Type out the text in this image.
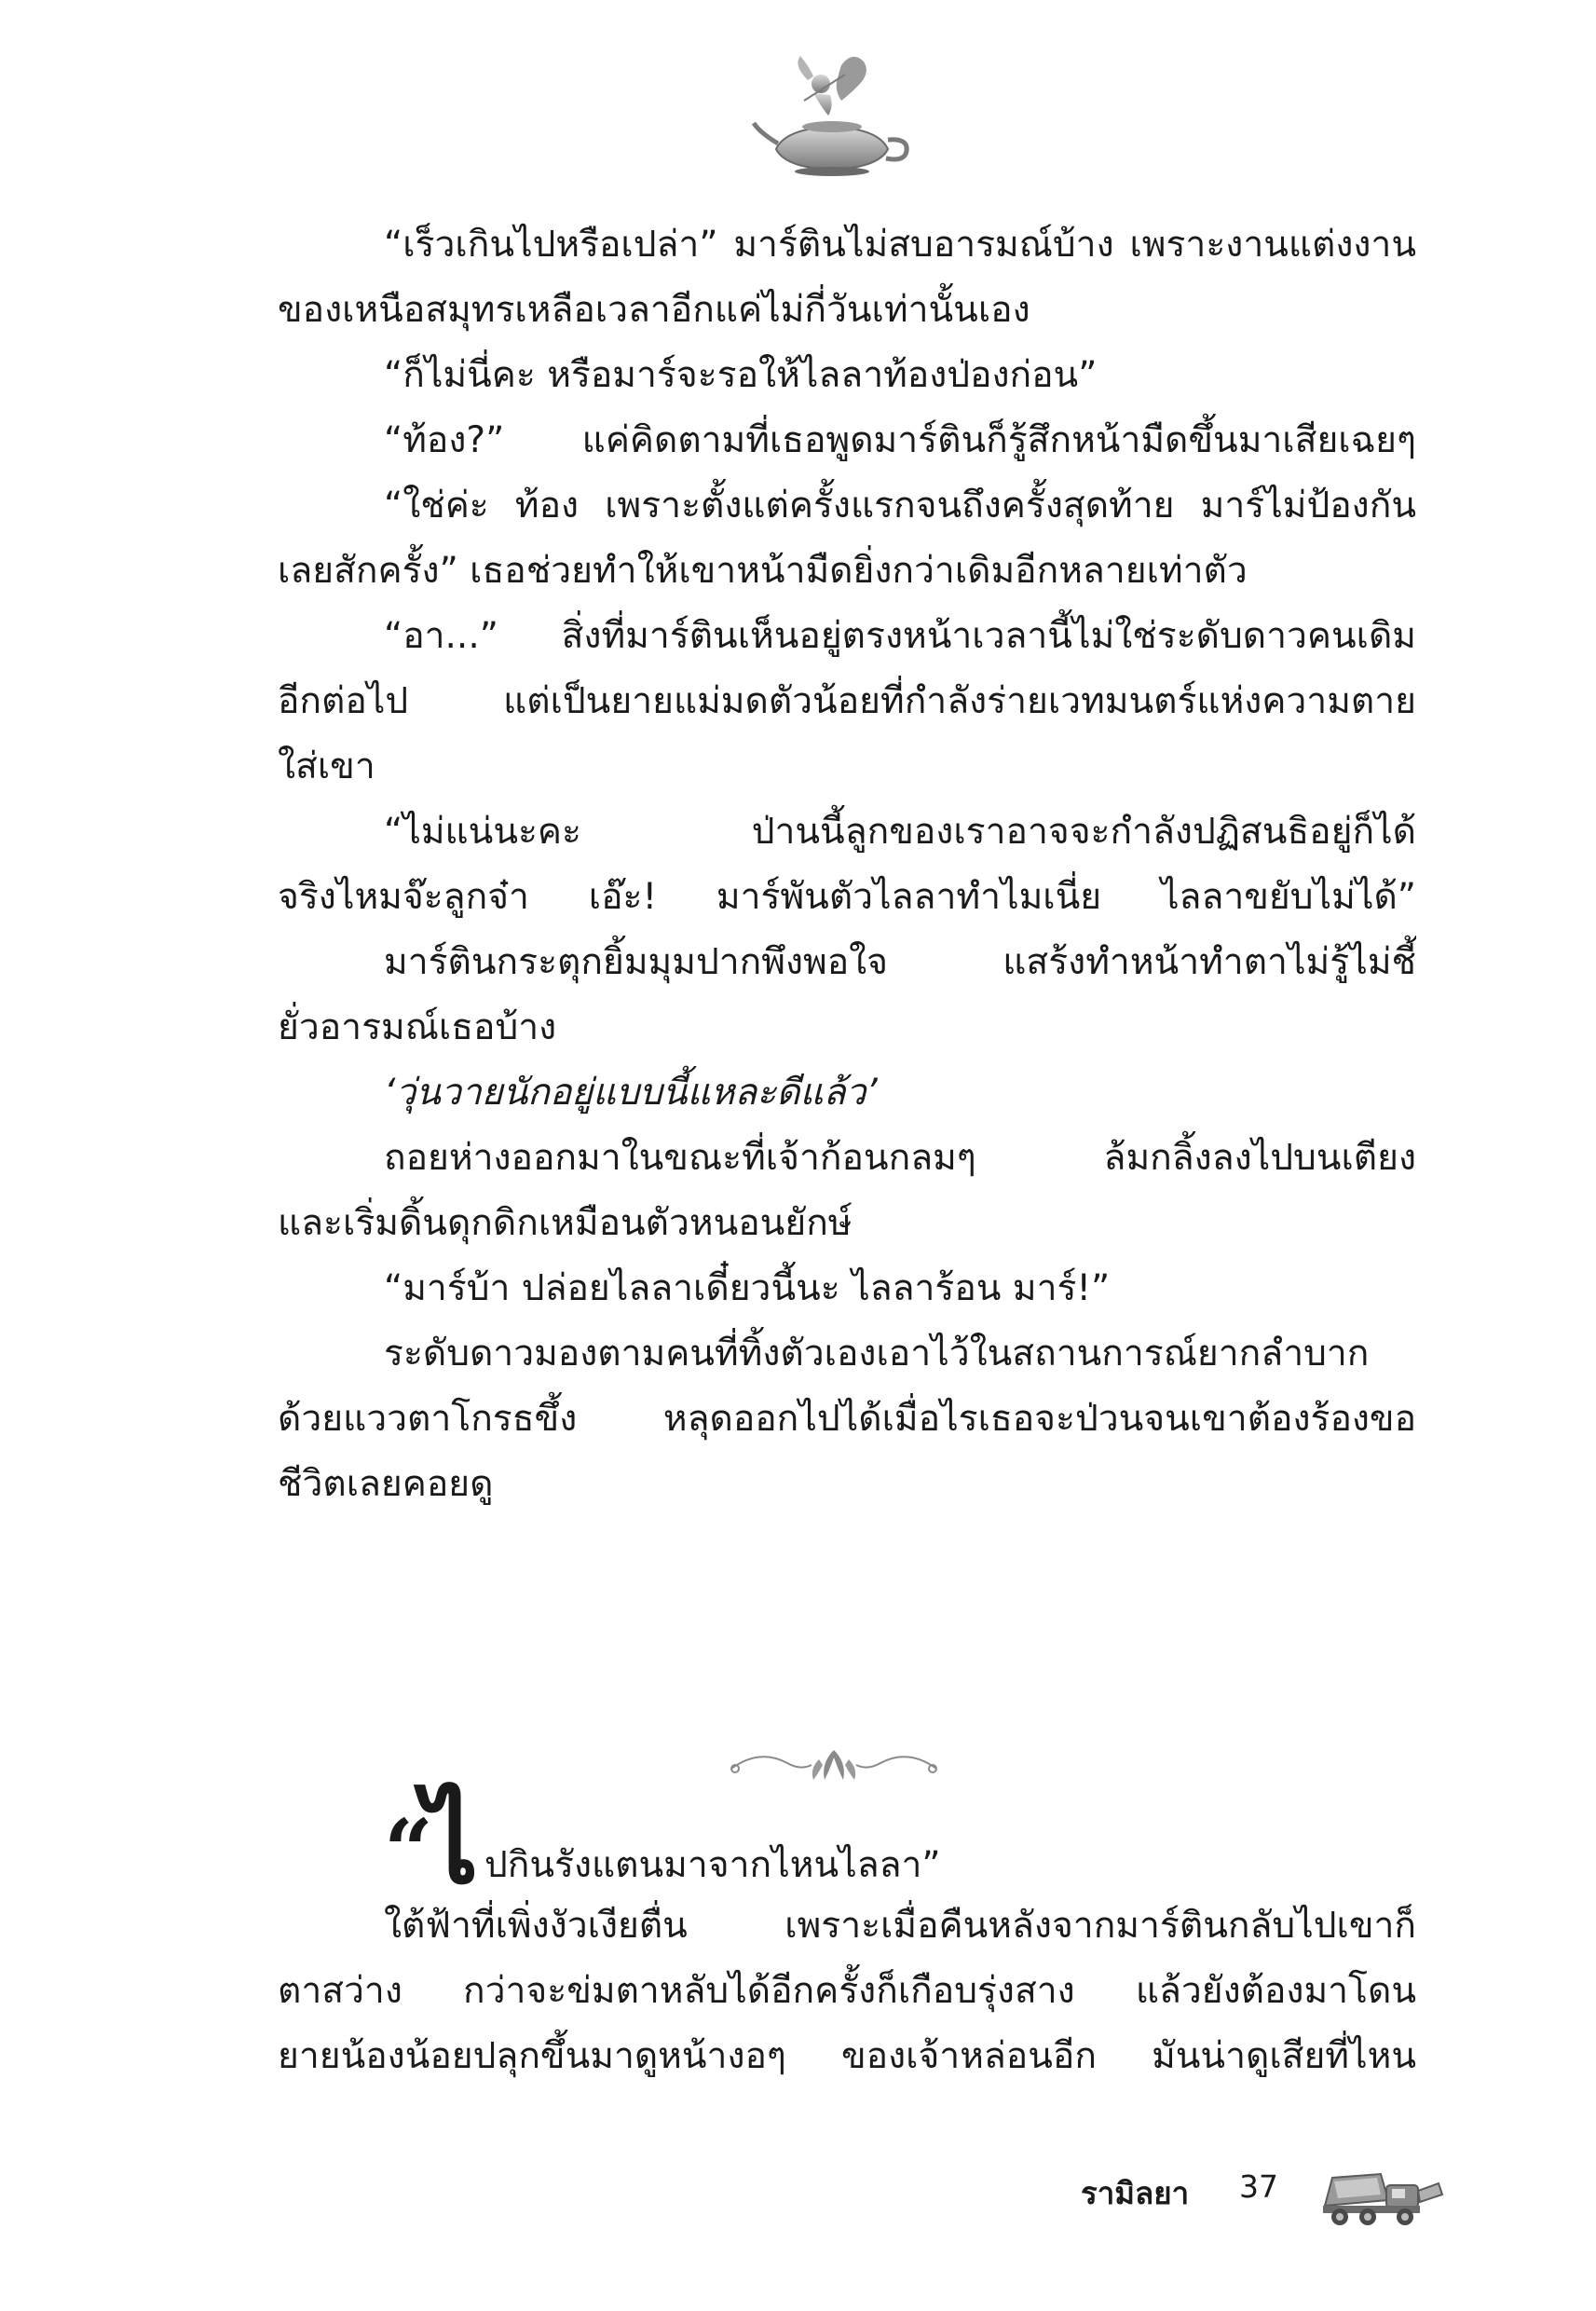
“เร็วเกินไปหรือเปล่า” มาร์ตินไม่สบอารมณ์บ้าง เพราะงานแต่งงาน
ของเหนือสมุทรเหลือเวลาอีกแค่ไม่กี่วันเท่านั้นเอง
“ก็ไม่นี่คะ หรือมาร์จะรอให้ไลลาท้องป่องก่อน”
“ท้อง?” แค่คิดตามที่เธอพูดมาร์ตินก็รู้สึกหน้ามืดขึ้นมาเสียเฉยๆ
“ใช่ค่ะ ท้อง เพราะตั้งแต่ครั้งแรกจนถึงครั้งสุดท้าย มาร์ไม่ป้องกัน
เลยสักครั้ง” เธอช่วยทำให้เขาหน้ามืดยิ่งกว่าเดิมอีกหลายเท่าตัว
“อา...” สิ่งที่มาร์ตินเห็นอยู่ตรงหน้าเวลานี้ไม่ใช่ระดับดาวคนเดิม
อีกต่อไป แต่เป็นยายแม่มดตัวน้อยที่กำลังร่ายเวทมนตร์แห่งความตาย
ใส่เขา
“ไม่แน่นะคะ ป่านนี้ลูกของเราอาจจะกำลังปฏิสนธิอยู่ก็ได้
จริงไหมจ๊ะลูกจ๋า เอ๊ะ! มาร์พันตัวไลลาทำไมเนี่ย ไลลาขยับไม่ได้”
มาร์ตินกระตุกยิ้มมุมปากพึงพอใจ แสร้งทำหน้าทำตาไม่รู้ไม่ชี้
ยั่วอารมณ์เธอบ้าง
‘วุ่นวายนักอยู่แบบนี้แหละดีแล้ว’
ถอยห่างออกมาในขณะที่เจ้าก้อนกลมๆ ล้มกลิ้งลงไปบนเตียง
และเริ่มดิ้นดุกดิกเหมือนตัวหนอนยักษ์
“มาร์บ้า ปล่อยไลลาเดี๋ยวนี้นะ ไลลาร้อน มาร์!”
ระดับดาวมองตามคนที่ทิ้งตัวเองเอาไว้ในสถานการณ์ยากลำบาก
ด้วยแววตาโกรธขึ้ง หลุดออกไปได้เมื่อไรเธอจะป่วนจนเขาต้องร้องขอ
ชีวิตเลยคอยดู
“
ไ ปกินรังแตนมาจากไหนไลลา”
ใต้ฟ้าที่เพิ่งงัวเงียตื่น เพราะเมื่อคืนหลังจากมาร์ตินกลับไปเขาก็
ตาสว่าง กว่าจะข่มตาหลับได้อีกครั้งก็เกือบรุ่งสาง แล้วยังต้องมาโดน
ยายน้องน้อยปลุกขึ้นมาดูหน้างอๆ ของเจ้าหล่อนอีก มันน่าดูเสียที่ไหน
รามิลยา 37
